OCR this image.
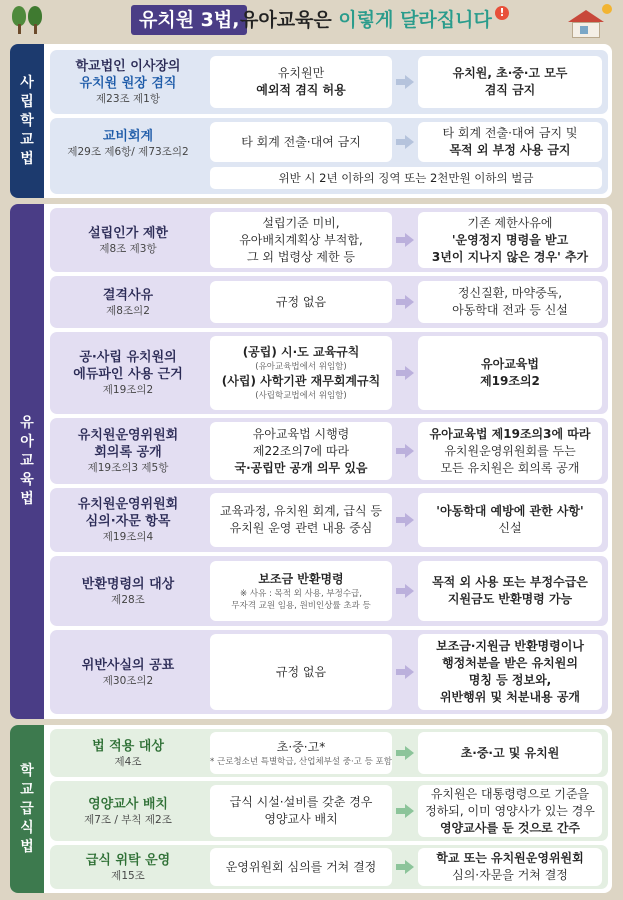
유치원 3법, 유아교육은 이렇게 달라집니다 !
사립학교법
학교법인 이사장의
유치원 원장 겸직
제23조 제1항
유치원만
예외적 겸직 허용
유치원, 초·중·고 모두
겸직 금지
교비회계
제29조 제6항/ 제73조의2
타 회계 전출·대여 금지
타 회계 전출·대여 금지 및
목적 외 부정 사용 금지
위반 시 2년 이하의 징역 또는 2천만원 이하의 벌금
유아교육법
설립인가 제한
제8조 제3항
설립기준 미비,
유아배치계획상 부적합,
그 외 법령상 제한 등
기존 제한사유에
'운영정지 명령을 받고
3년이 지나지 않은 경우' 추가
결격사유
제8조의2
규정 없음
정신질환, 마약중독,
아동학대 전과 등 신설
공·사립 유치원의
에듀파인 사용 근거
제19조의2
(공립) 시·도 교육규칙
(유아교육법에서 위임함)
(사립) 사학기관 재무회계규칙
(사립학교법에서 위임함)
유아교육법
제19조의2
유치원운영위원회
회의록 공개
제19조의3 제5항
유아교육법 시행령
제22조의7에 따라
국·공립만 공개 의무 있음
유아교육법 제19조의3에 따라
유치원운영위원회를 두는
모든 유치원은 회의록 공개
유치원운영위원회
심의·자문 항목
제19조의4
교육과정, 유치원 회계, 급식 등
유치원 운영 관련 내용 중심
'아동학대 예방에 관한 사항'
신설
반환명령의 대상
제28조
보조금 반환명령
※ 사유 : 목적 외 사용, 부정수급,
무자격 교원 임용, 원비인상률 초과 등
목적 외 사용 또는 부정수급은
지원금도 반환명령 가능
위반사실의 공표
제30조의2
규정 없음
보조금·지원금 반환명령이나
행정처분을 받은 유치원의
명칭 등 정보와,
위반행위 및 처분내용 공개
학교급식법
법 적용 대상
제4조
초·중·고*
* 근로청소년 특별학급, 산업체부설 중·고 등 포함
초·중·고 및 유치원
영양교사 배치
제7조 / 부칙 제2조
급식 시설·설비를 갖춘 경우
영양교사 배치
유치원은 대통령령으로 기준을
정하되, 이미 영양사가 있는 경우
영양교사를 둔 것으로 간주
급식 위탁 운영
제15조
운영위원회 심의를 거쳐 결정
학교 또는 유치원운영위원회
심의·자문을 거쳐 결정
